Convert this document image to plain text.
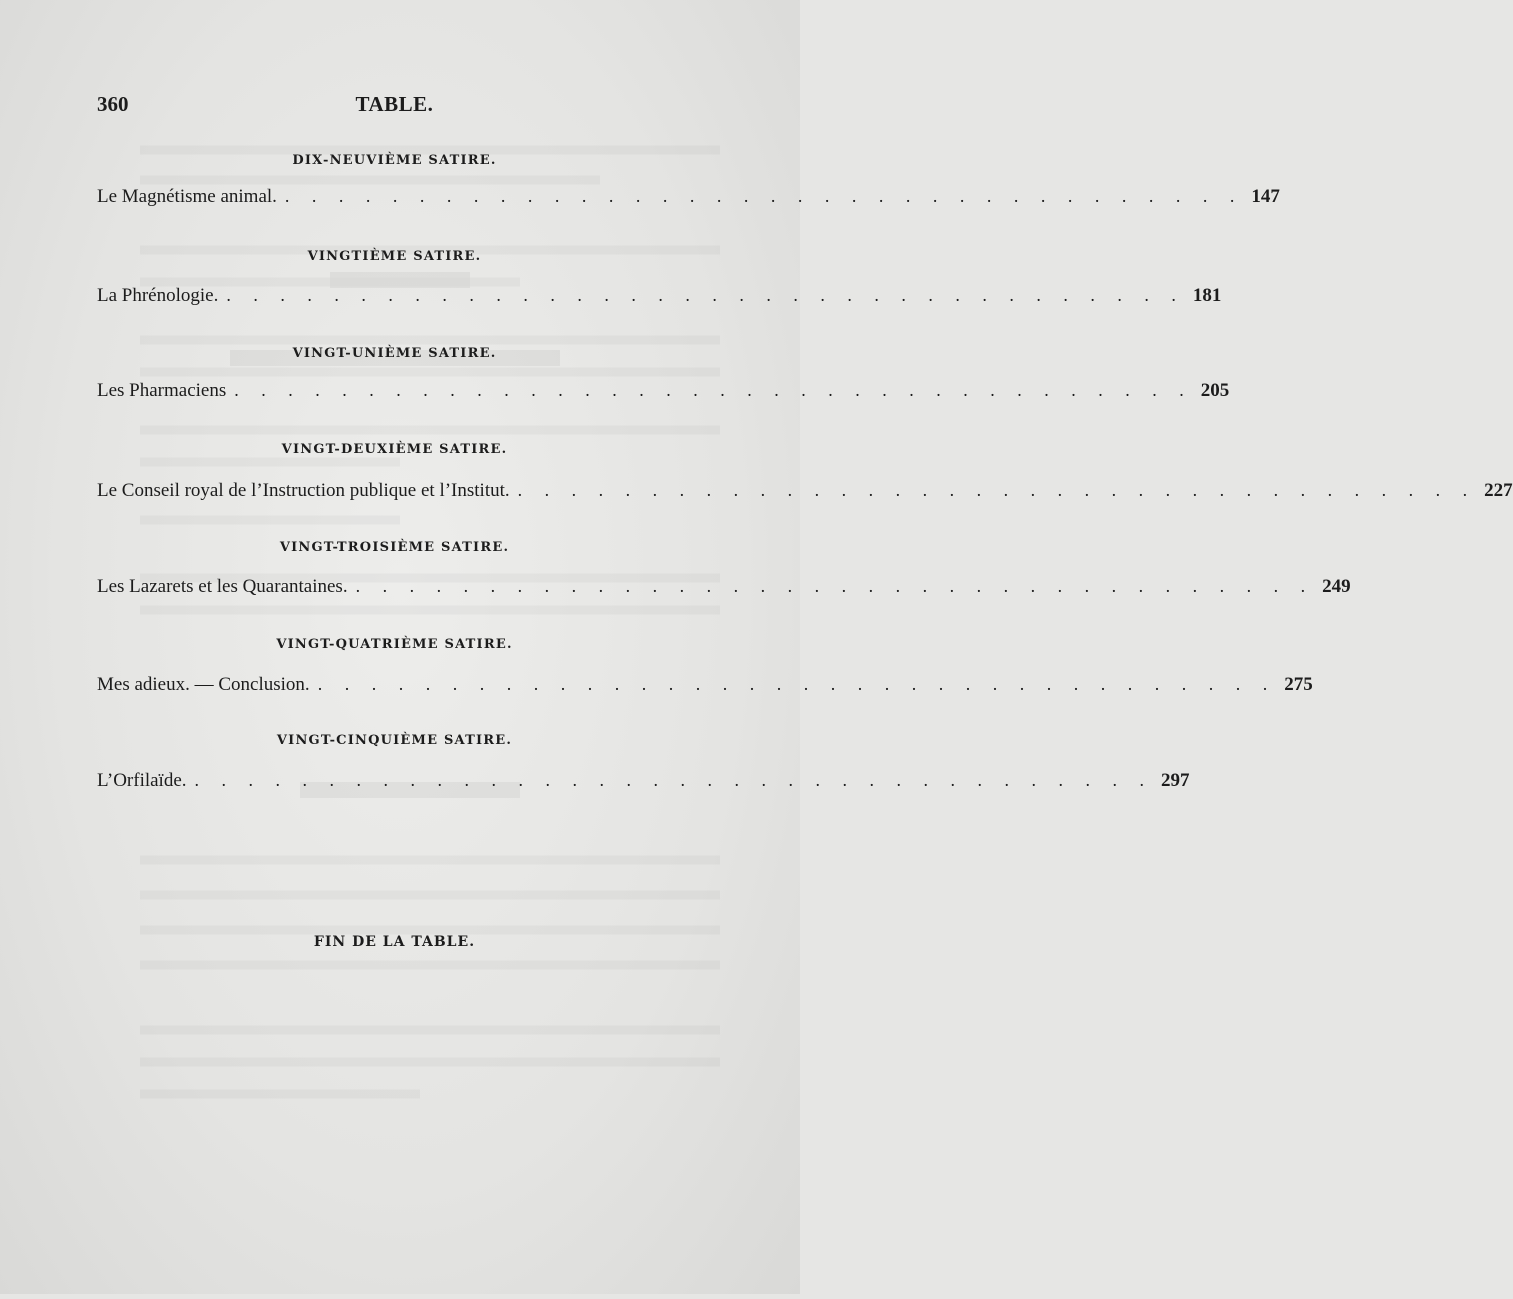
360	TABLE.
DIX-NEUVIÈME SATIRE.
Le Magnétisme animal. . . . . . . . . . . . . . . . . . . . . . . . . . . . . . . . . . . . . 147
VINGTIÈME SATIRE.
La Phrénologie. . . . . . . . . . . . . . . . . . . . . . . . . . . . . . . . . . . . . 181
VINGT-UNIÈME SATIRE.
Les Pharmaciens . . . . . . . . . . . . . . . . . . . . . . . . . . . . . . . . . . . . 205
VINGT-DEUXIÈME SATIRE.
Le Conseil royal de l’Instruction publique et l’Institut. . . . . . . . . . . . . . . . . . . . . . . . . . . . . . . . . . . . . 227
VINGT-TROISIÈME SATIRE.
Les Lazarets et les Quarantaines. . . . . . . . . . . . . . . . . . . . . . . . . . . . . . . . . . . . . 249
VINGT-QUATRIÈME SATIRE.
Mes adieux. — Conclusion. . . . . . . . . . . . . . . . . . . . . . . . . . . . . . . . . . . . . 275
VINGT-CINQUIÈME SATIRE.
L’Orfilaïde. . . . . . . . . . . . . . . . . . . . . . . . . . . . . . . . . . . . . 297
FIN DE LA TABLE.
